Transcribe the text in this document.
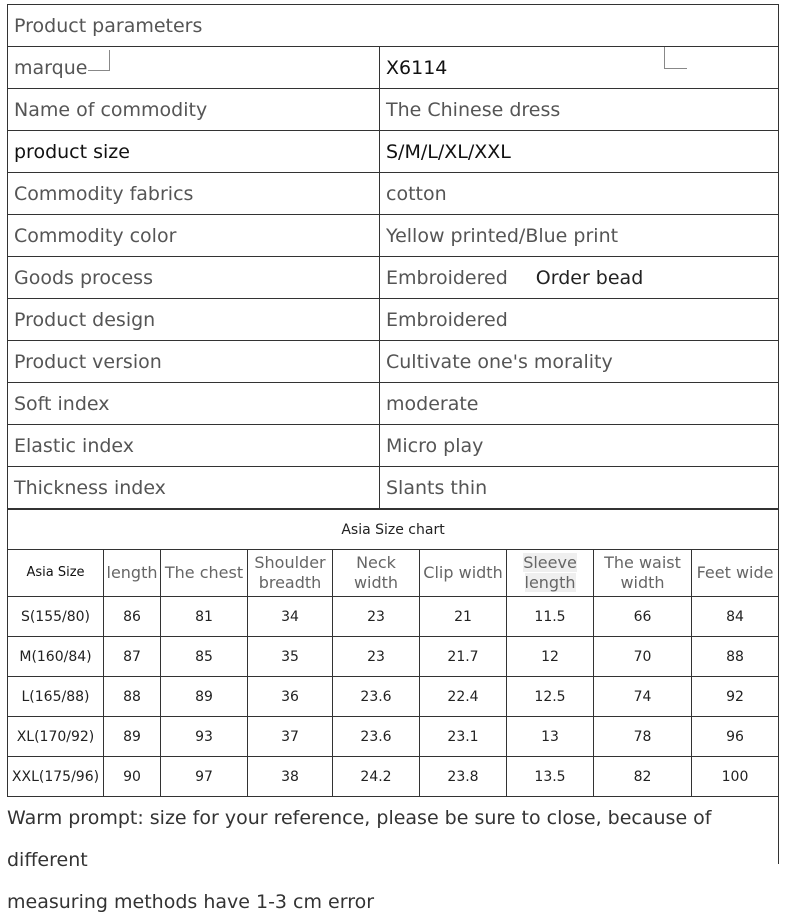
Product parameters	
marque	X6114
Name of commodity	The Chinese dress
product size	S/M/L/XL/XXL
Commodity fabrics	cotton
Commodity color	Yellow printed/Blue print
Goods process	Embroidered Order bead
Product design	Embroidered
Product version	Cultivate one's morality
Soft index	moderate
Elastic index	Micro play
Thickness index	Slants thin
Asia Size chart								
Asia Size	length	The chest	Shoulder breadth	Neck width	Clip width	Sleeve length	The waist width	Feet wide
S(155/80)	86	81	34	23	21	11.5	66	84
M(160/84)	87	85	35	23	21.7	12	70	88
L(165/88)	88	89	36	23.6	22.4	12.5	74	92
XL(170/92)	89	93	37	23.6	23.1	13	78	96
XXL(175/96)	90	97	38	24.2	23.8	13.5	82	100
Warm prompt: size for your reference, please be sure to close, because of different
measuring methods have 1-3 cm error
